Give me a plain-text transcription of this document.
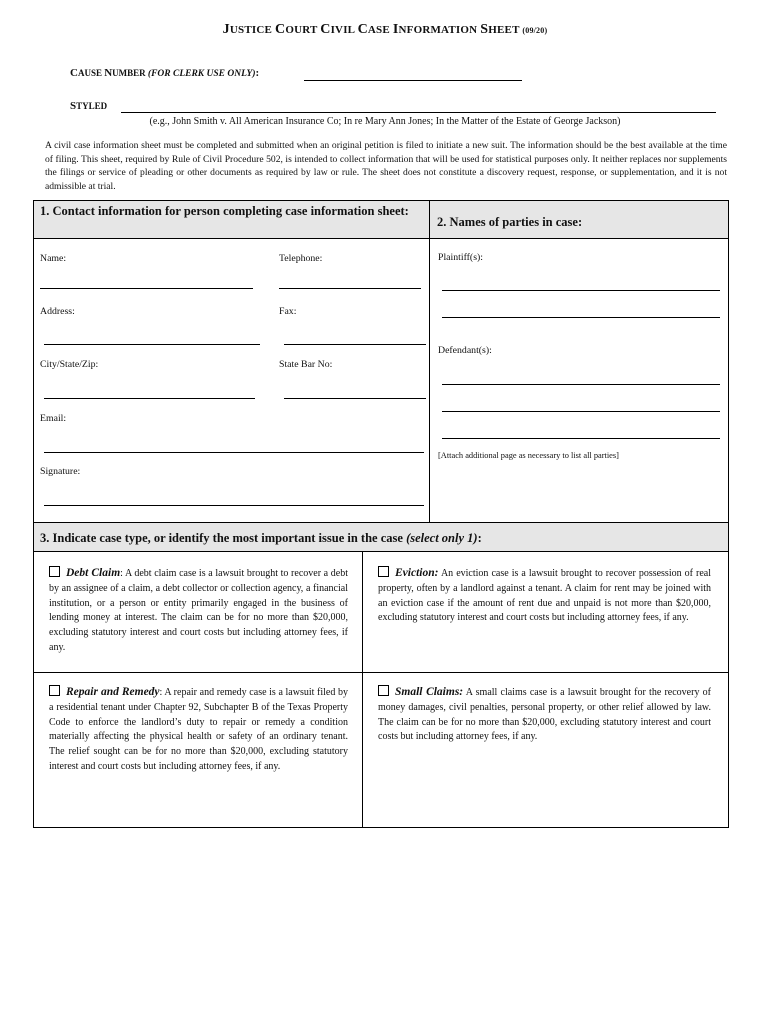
JUSTICE COURT CIVIL CASE INFORMATION SHEET (09/20)
CAUSE NUMBER (FOR CLERK USE ONLY):
STYLED
(e.g., John Smith v. All American Insurance Co; In re Mary Ann Jones; In the Matter of the Estate of George Jackson)
A civil case information sheet must be completed and submitted when an original petition is filed to initiate a new suit. The information should be the best available at the time of filing. This sheet, required by Rule of Civil Procedure 502, is intended to collect information that will be used for statistical purposes only. It neither replaces nor supplements the filings or service of pleading or other documents as required by law or rule. The sheet does not constitute a discovery request, response, or supplementation, and it is not admissible at trial.
1. Contact information for person completing case information sheet:
2. Names of parties in case:
Name:	Telephone:
Address:	Fax:
City/State/Zip:	State Bar No:
Email:
Signature:
Plaintiff(s):
Defendant(s):
[Attach additional page as necessary to list all parties]
3. Indicate case type, or identify the most important issue in the case (select only 1):
Debt Claim: A debt claim case is a lawsuit brought to recover a debt by an assignee of a claim, a debt collector or collection agency, a financial institution, or a person or entity primarily engaged in the business of lending money at interest. The claim can be for no more than $20,000, excluding statutory interest and court costs but including attorney fees, if any.
Eviction: An eviction case is a lawsuit brought to recover possession of real property, often by a landlord against a tenant. A claim for rent may be joined with an eviction case if the amount of rent due and unpaid is not more than $20,000, excluding statutory interest and court costs but including attorney fees, if any.
Repair and Remedy: A repair and remedy case is a lawsuit filed by a residential tenant under Chapter 92, Subchapter B of the Texas Property Code to enforce the landlord’s duty to repair or remedy a condition materially affecting the physical health or safety of an ordinary tenant. The relief sought can be for no more than $20,000, excluding statutory interest and court costs but including attorney fees, if any.
Small Claims: A small claims case is a lawsuit brought for the recovery of money damages, civil penalties, personal property, or other relief allowed by law. The claim can be for no more than $20,000, excluding statutory interest and court costs but including attorney fees, if any.
